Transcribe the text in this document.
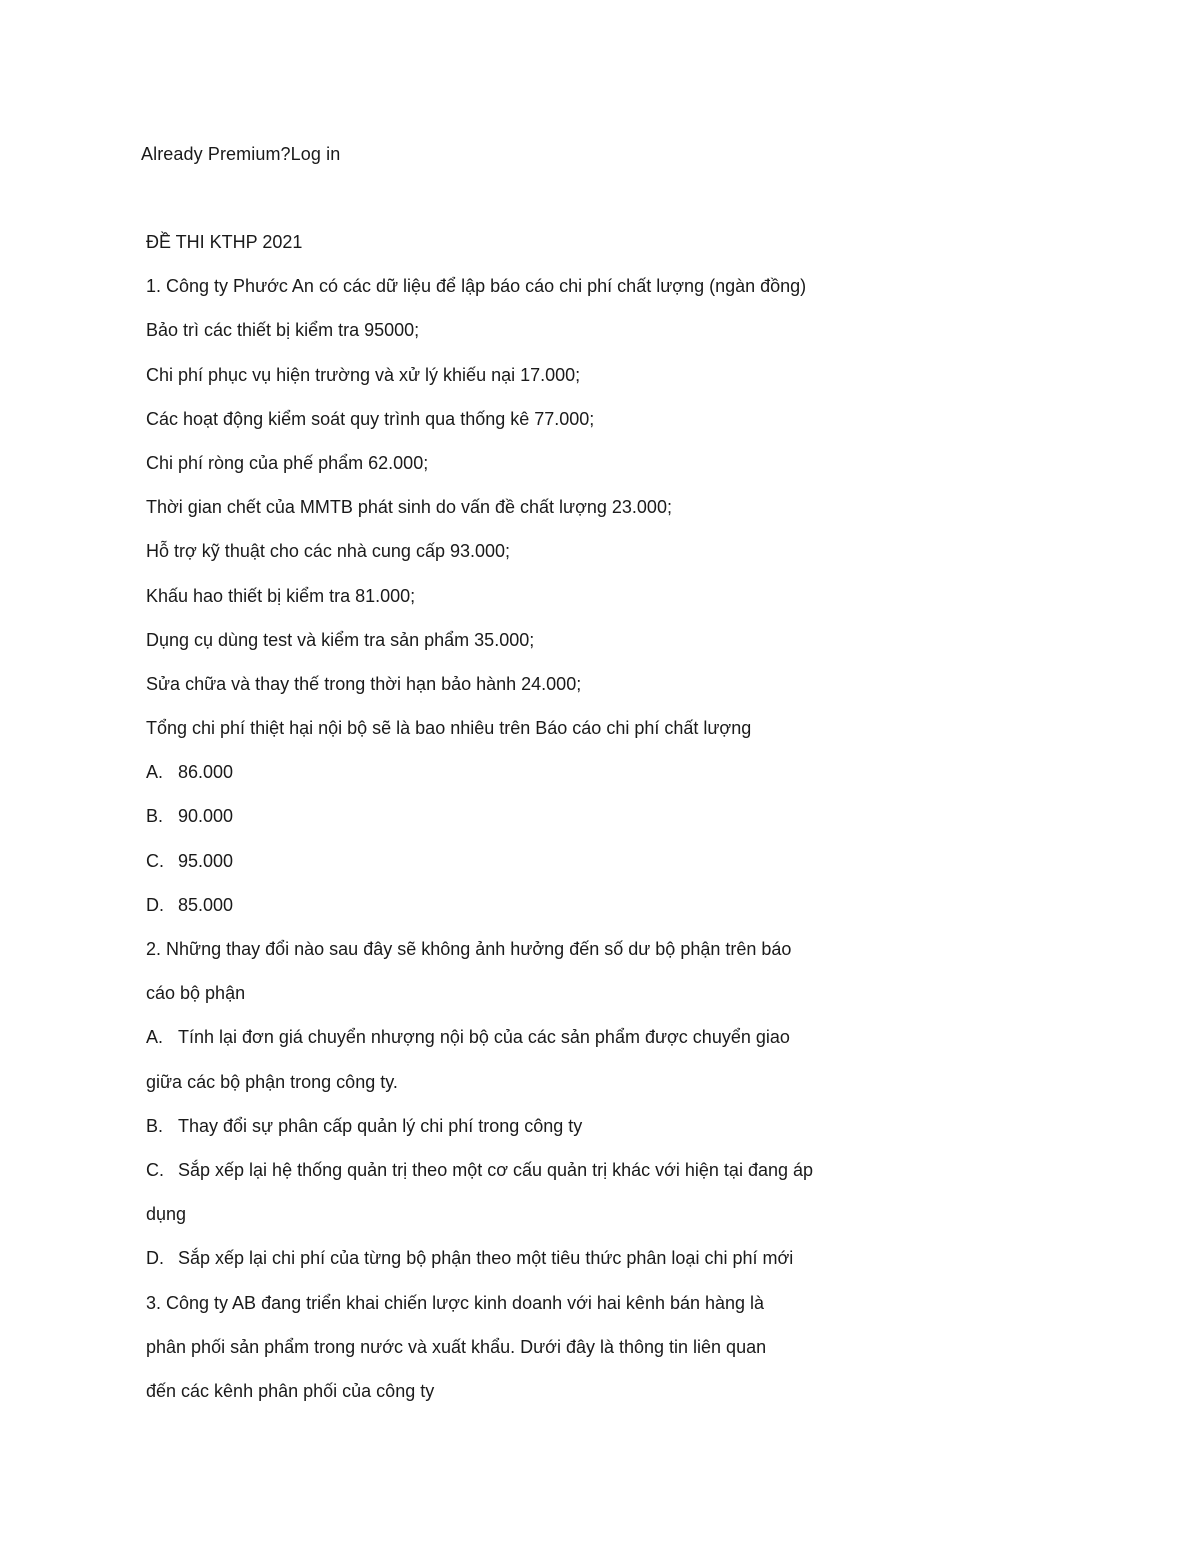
Already Premium?Log in
ĐỀ THI KTHP 2021
1. Công ty Phước An có các dữ liệu để lập báo cáo chi phí chất lượng (ngàn đồng)
Bảo trì các thiết bị kiểm tra 95000;
Chi phí phục vụ hiện trường và xử lý khiếu nại 17.000;
Các hoạt động kiểm soát quy trình qua thống kê 77.000;
Chi phí ròng của phế phẩm 62.000;
Thời gian chết của MMTB phát sinh do vấn đề chất lượng 23.000;
Hỗ trợ kỹ thuật cho các nhà cung cấp 93.000;
Khấu hao thiết bị kiểm tra 81.000;
Dụng cụ dùng test và kiểm tra sản phẩm 35.000;
Sửa chữa và thay thế trong thời hạn bảo hành 24.000;
Tổng chi phí thiệt hại nội bộ sẽ là bao nhiêu trên Báo cáo chi phí chất lượng
A. 86.000
B. 90.000
C. 95.000
D. 85.000
2. Những thay đổi nào sau đây sẽ không ảnh hưởng đến số dư bộ phận trên báo
cáo bộ phận
A. Tính lại đơn giá chuyển nhượng nội bộ của các sản phẩm được chuyển giao
giữa các bộ phận trong công ty.
B. Thay đổi sự phân cấp quản lý chi phí trong công ty
C. Sắp xếp lại hệ thống quản trị theo một cơ cấu quản trị khác với hiện tại đang áp
dụng
D. Sắp xếp lại chi phí của từng bộ phận theo một tiêu thức phân loại chi phí mới
3. Công ty AB đang triển khai chiến lược kinh doanh với hai kênh bán hàng là
phân phối sản phẩm trong nước và xuất khẩu. Dưới đây là thông tin liên quan
đến các kênh phân phối của công ty
